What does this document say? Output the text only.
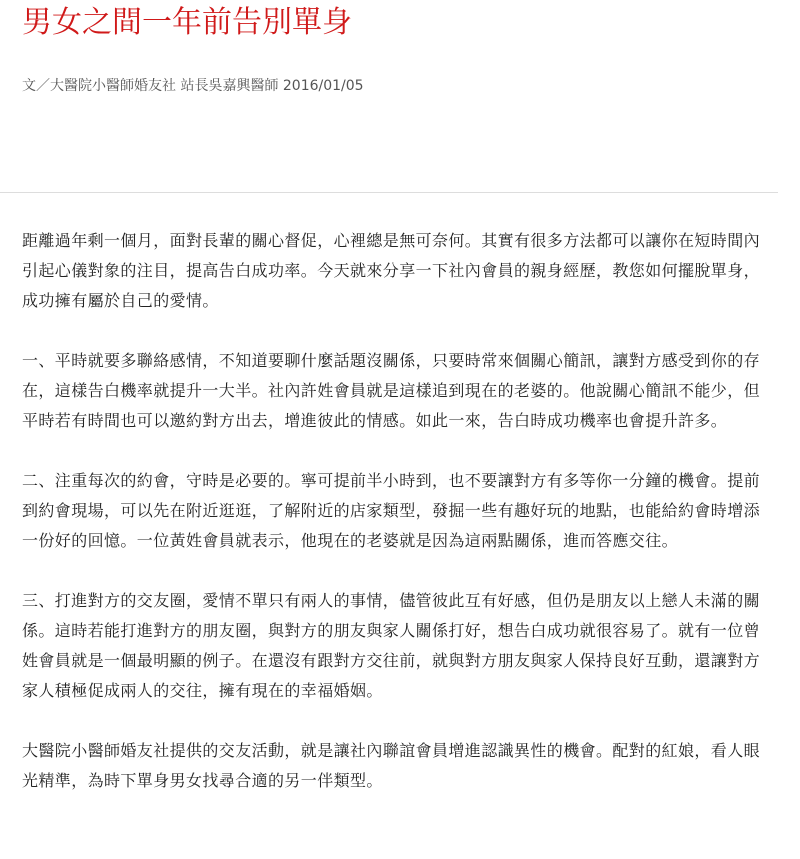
男女之間一年前告別單身
文／大醫院小醫師婚友社 站長吳嘉興醫師 2016/01/05

距離過年剩一個月，面對長輩的關心督促，心裡總是無可奈何。其實有很多方法都可以讓你在短時間內引起心儀對象的注目，提高告白成功率。今天就來分享一下社內會員的親身經歷，教您如何擺脫單身，成功擁有屬於自己的愛情。

一、平時就要多聯絡感情，不知道要聊什麼話題沒關係，只要時常來個關心簡訊，讓對方感受到你的存在，這樣告白機率就提升一大半。社內許姓會員就是這樣追到現在的老婆的。他說關心簡訊不能少，但平時若有時間也可以邀約對方出去，增進彼此的情感。如此一來，告白時成功機率也會提升許多。

二、注重每次的約會，守時是必要的。寧可提前半小時到，也不要讓對方有多等你一分鐘的機會。提前到約會現場，可以先在附近逛逛，了解附近的店家類型，發掘一些有趣好玩的地點，也能給約會時增添一份好的回憶。一位黃姓會員就表示，他現在的老婆就是因為這兩點關係，進而答應交往。

三、打進對方的交友圈，愛情不單只有兩人的事情，儘管彼此互有好感，但仍是朋友以上戀人未滿的關係。這時若能打進對方的朋友圈，與對方的朋友與家人關係打好，想告白成功就很容易了。就有一位曾姓會員就是一個最明顯的例子。在還沒有跟對方交往前，就與對方朋友與家人保持良好互動，還讓對方家人積極促成兩人的交往，擁有現在的幸福婚姻。

大醫院小醫師婚友社提供的交友活動，就是讓社內聯誼會員增進認識異性的機會。配對的紅娘，看人眼光精準，為時下單身男女找尋合適的另一伴類型。
